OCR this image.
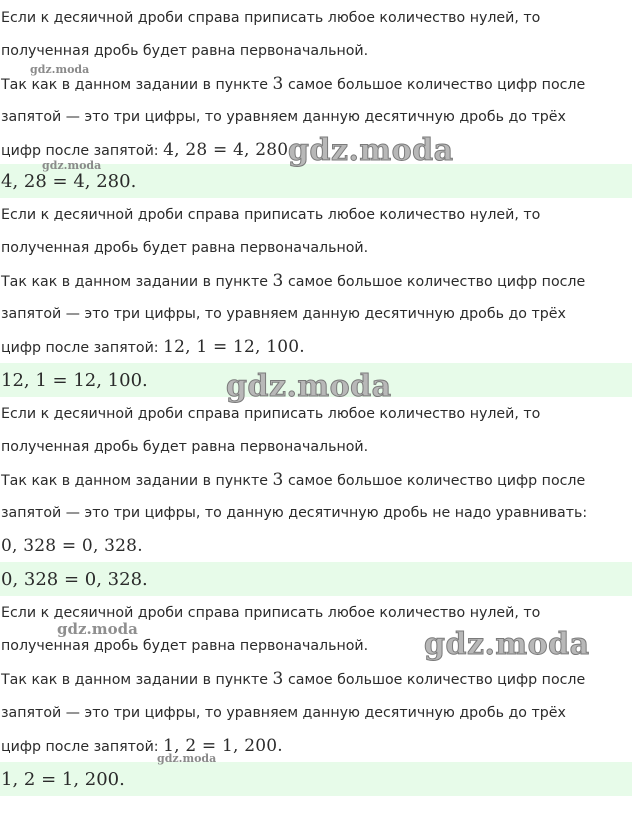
Если к десяичной дроби справа приписать любое количество нулей, то
полученная дробь будет равна первоначальной.
Так как в данном задании в пункте 3 самое большое количество цифр после
запятой — это три цифры, то уравняем данную десятичную дробь до трёх
цифр после запятой: 4, 28 = 4, 280.
4, 28 = 4, 280.
Если к десяичной дроби справа приписать любое количество нулей, то
полученная дробь будет равна первоначальной.
Так как в данном задании в пункте 3 самое большое количество цифр после
запятой — это три цифры, то уравняем данную десятичную дробь до трёх
цифр после запятой: 12, 1 = 12, 100.
12, 1 = 12, 100.
Если к десяичной дроби справа приписать любое количество нулей, то
полученная дробь будет равна первоначальной.
Так как в данном задании в пункте 3 самое большое количество цифр после
запятой — это три цифры, то данную десятичную дробь не надо уравнивать:
0, 328 = 0, 328.
0, 328 = 0, 328.
Если к десяичной дроби справа приписать любое количество нулей, то
полученная дробь будет равна первоначальной.
Так как в данном задании в пункте 3 самое большое количество цифр после
запятой — это три цифры, то уравняем данную десятичную дробь до трёх
цифр после запятой: 1, 2 = 1, 200.
1, 2 = 1, 200.
gdz.moda
gdz.moda
gdz.moda
gdz.moda
gdz.moda	gdz.moda
gdz.moda
